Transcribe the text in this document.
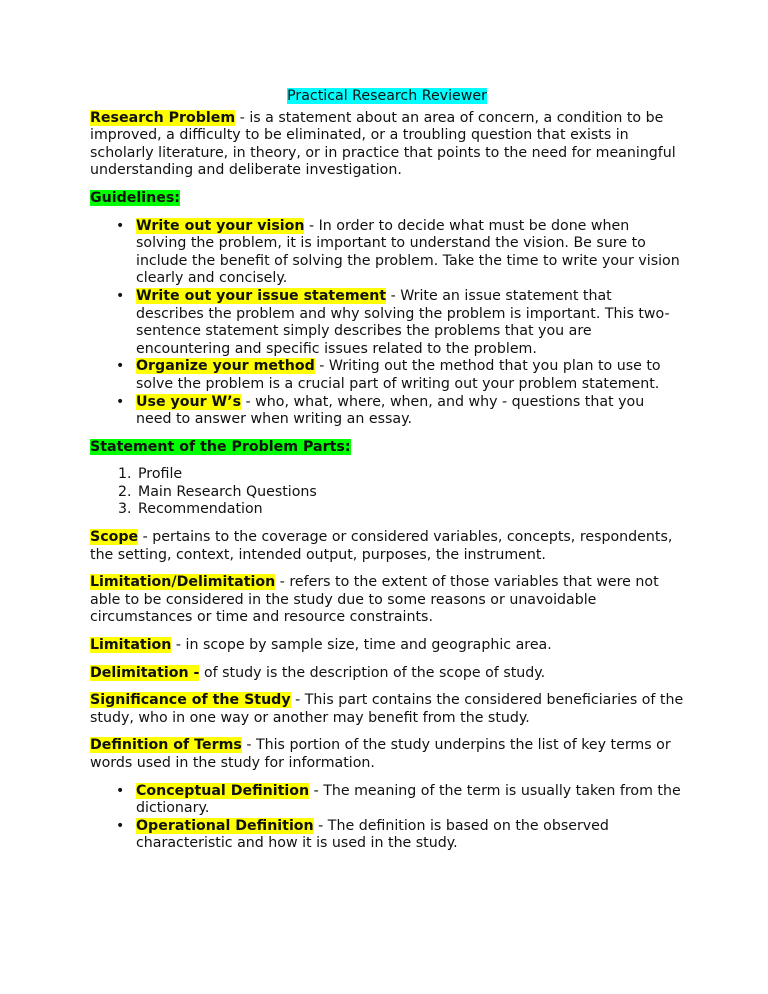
Practical Research Reviewer

Research Problem - is a statement about an area of concern, a condition to be improved, a difficulty to be eliminated, or a troubling question that exists in scholarly literature, in theory, or in practice that points to the need for meaningful understanding and deliberate investigation.

Guidelines:

• Write out your vision - In order to decide what must be done when solving the problem, it is important to understand the vision. Be sure to include the benefit of solving the problem. Take the time to write your vision clearly and concisely.
• Write out your issue statement - Write an issue statement that describes the problem and why solving the problem is important. This two-sentence statement simply describes the problems that you are encountering and specific issues related to the problem.
• Organize your method - Writing out the method that you plan to use to solve the problem is a crucial part of writing out your problem statement.
• Use your W’s - who, what, where, when, and why - questions that you need to answer when writing an essay.

Statement of the Problem Parts:

1. Profile
2. Main Research Questions
3. Recommendation

Scope - pertains to the coverage or considered variables, concepts, respondents, the setting, context, intended output, purposes, the instrument.

Limitation/Delimitation - refers to the extent of those variables that were not able to be considered in the study due to some reasons or unavoidable circumstances or time and resource constraints.

Limitation - in scope by sample size, time and geographic area.

Delimitation - of study is the description of the scope of study.

Significance of the Study - This part contains the considered beneficiaries of the study, who in one way or another may benefit from the study.

Definition of Terms - This portion of the study underpins the list of key terms or words used in the study for information.

• Conceptual Definition - The meaning of the term is usually taken from the dictionary.
• Operational Definition - The definition is based on the observed characteristic and how it is used in the study.
